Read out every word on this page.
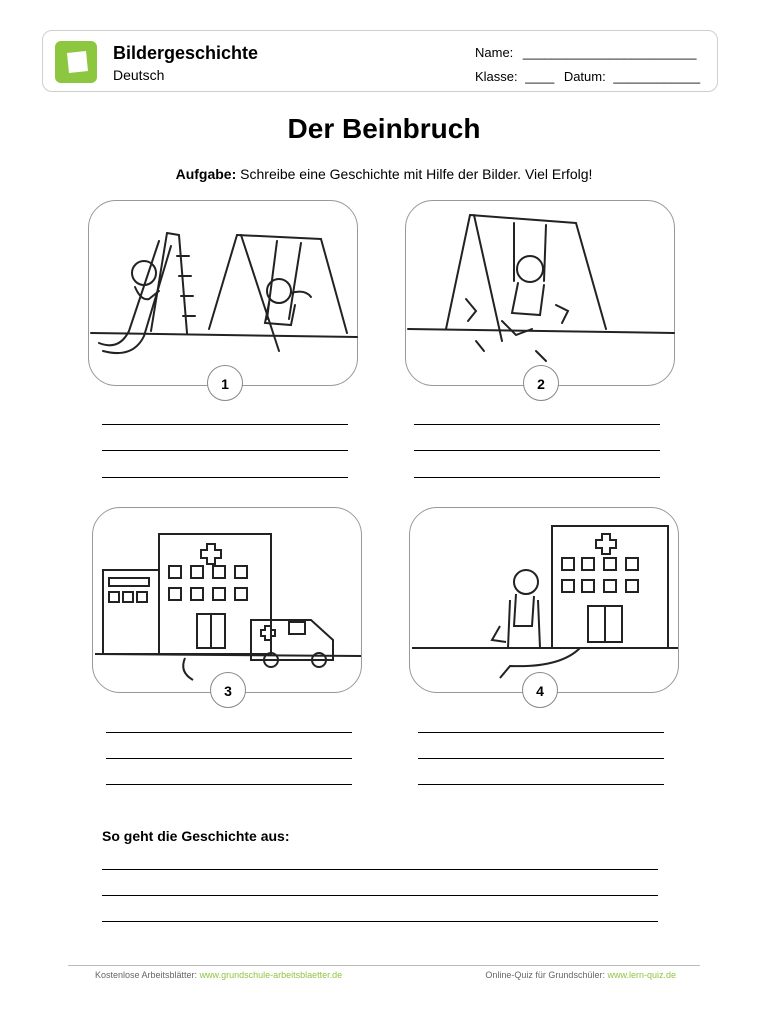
Bildergeschichte
Deutsch
Name: ________________________
Klasse: ____ Datum: ____________
Der Beinbruch
Aufgabe: Schreibe eine Geschichte mit Hilfe der Bilder. Viel Erfolg!
1	2
3	4
So geht die Geschichte aus:
Kostenlose Arbeitsblätter: www.grundschule-arbeitsblaetter.de	Online-Quiz für Grundschüler: www.lern-quiz.de
